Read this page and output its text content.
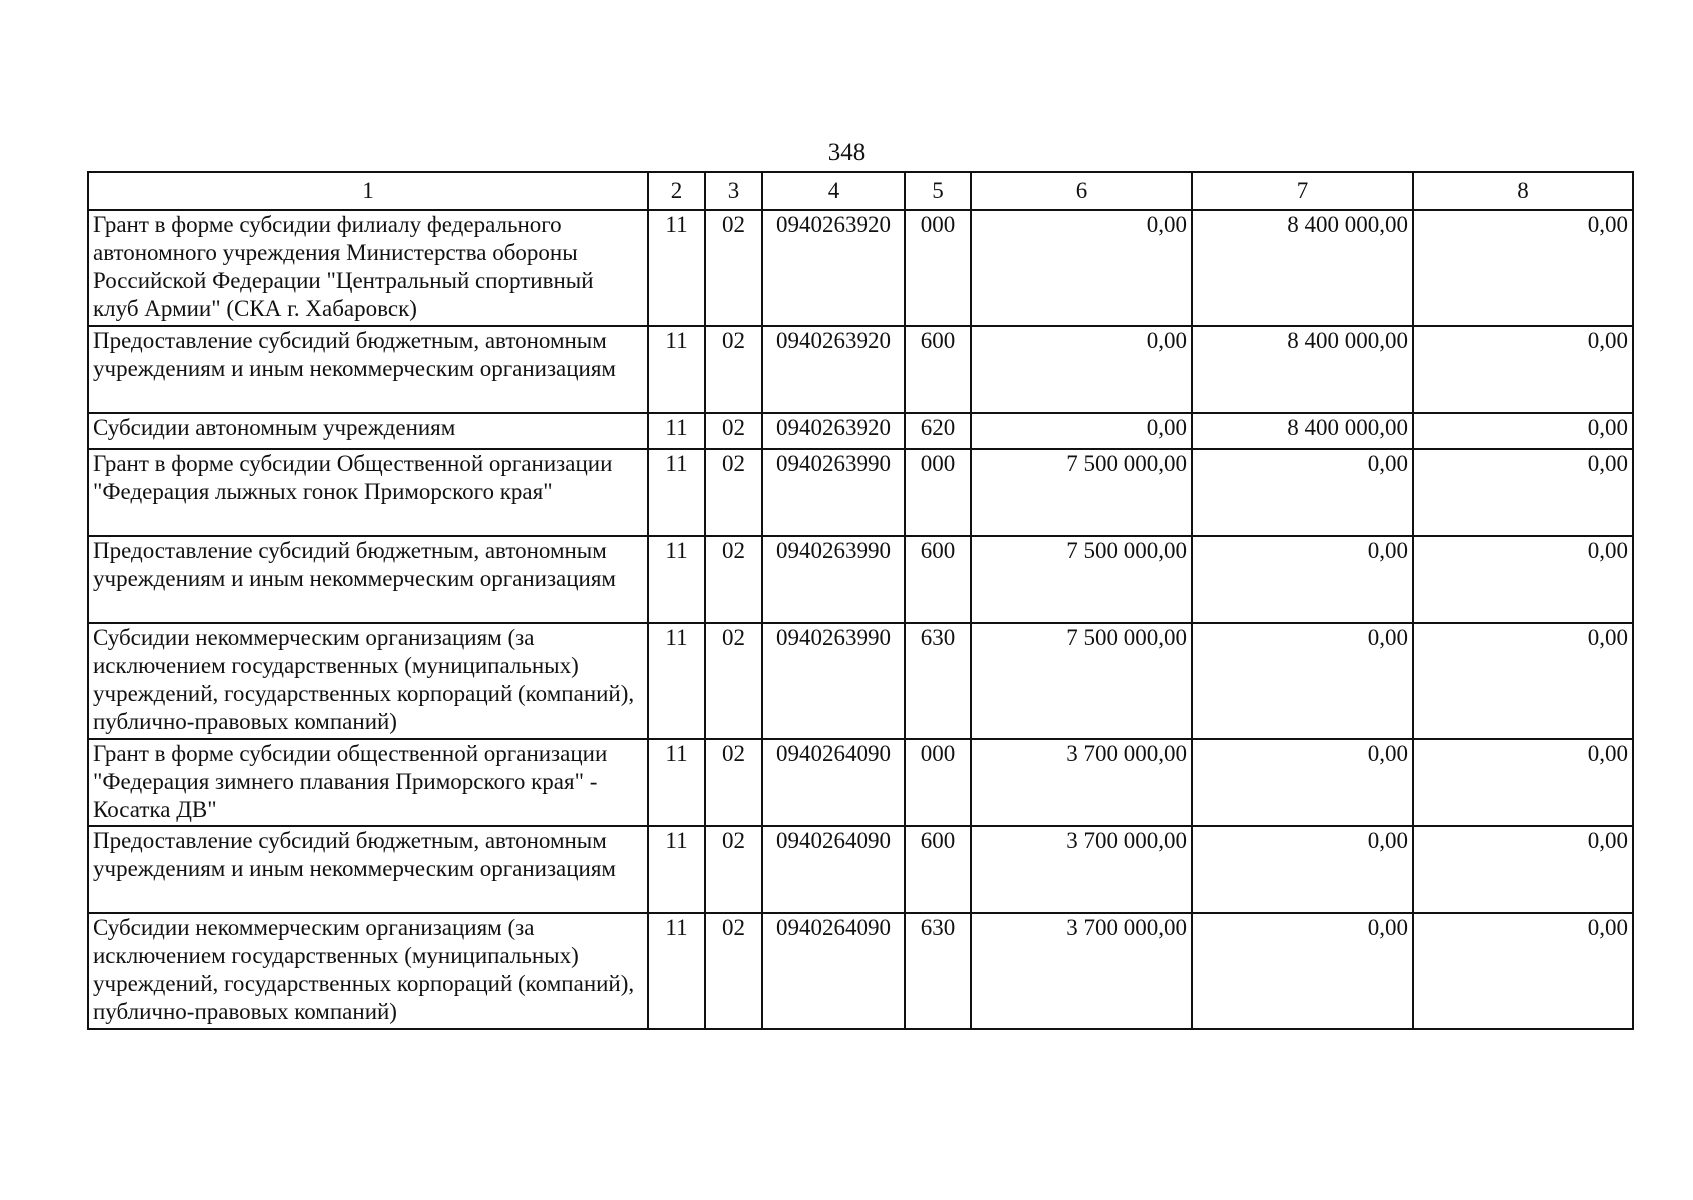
348
1	2	3	4	5	6	7	8
Грант в форме субсидии филиалу федерального автономного учреждения Министерства обороны Российской Федерации "Центральный спортивный клуб Армии" (СКА г. Хабаровск)	11	02	0940263920	000	0,00	8 400 000,00	0,00
Предоставление субсидий бюджетным, автономным учреждениям и иным некоммерческим организациям	11	02	0940263920	600	0,00	8 400 000,00	0,00
Субсидии автономным учреждениям	11	02	0940263920	620	0,00	8 400 000,00	0,00
Грант в форме субсидии Общественной организации "Федерация лыжных гонок Приморского края"	11	02	0940263990	000	7 500 000,00	0,00	0,00
Предоставление субсидий бюджетным, автономным учреждениям и иным некоммерческим организациям	11	02	0940263990	600	7 500 000,00	0,00	0,00
Субсидии некоммерческим организациям (за исключением государственных (муниципальных) учреждений, государственных корпораций (компаний), публично-правовых компаний)	11	02	0940263990	630	7 500 000,00	0,00	0,00
Грант в форме субсидии общественной организации "Федерация зимнего плавания Приморского края" - Косатка ДВ"	11	02	0940264090	000	3 700 000,00	0,00	0,00
Предоставление субсидий бюджетным, автономным учреждениям и иным некоммерческим организациям	11	02	0940264090	600	3 700 000,00	0,00	0,00
Субсидии некоммерческим организациям (за исключением государственных (муниципальных) учреждений, государственных корпораций (компаний), публично-правовых компаний)	11	02	0940264090	630	3 700 000,00	0,00	0,00
